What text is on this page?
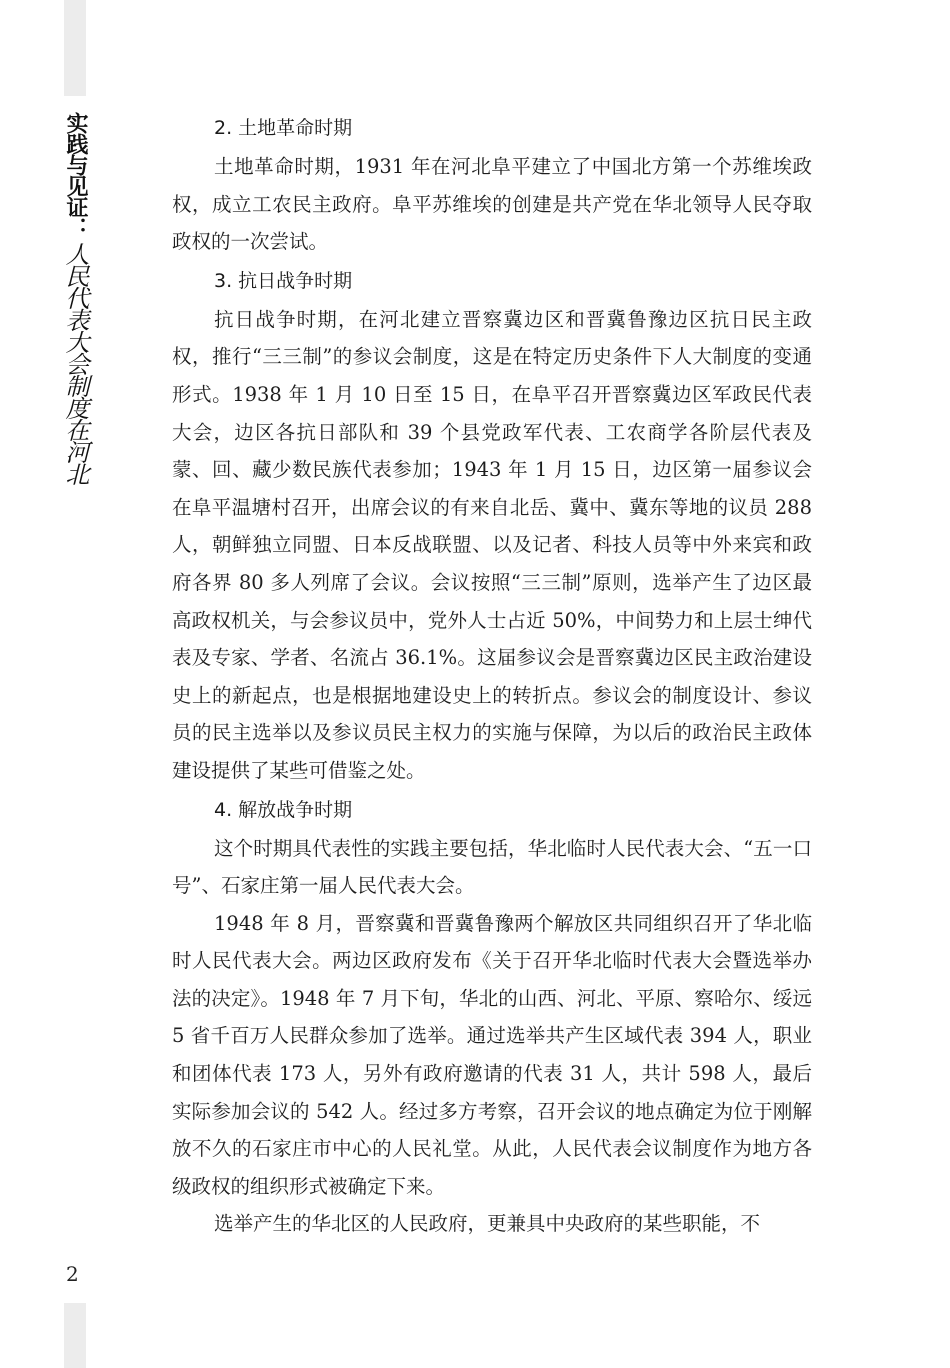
实践与见证：
人民代表大会制度在河北
2. 土地革命时期

土地革命时期，1931 年在河北阜平建立了中国北方第一个苏维埃政权，成立工农民主政府。阜平苏维埃的创建是共产党在华北领导人民夺取政权的一次尝试。

3. 抗日战争时期

抗日战争时期，在河北建立晋察冀边区和晋冀鲁豫边区抗日民主政权，推行“三三制”的参议会制度，这是在特定历史条件下人大制度的变通形式。1938 年 1 月 10 日至 15 日，在阜平召开晋察冀边区军政民代表大会，边区各抗日部队和 39 个县党政军代表、工农商学各阶层代表及蒙、回、藏少数民族代表参加；1943 年 1 月 15 日，边区第一届参议会在阜平温塘村召开，出席会议的有来自北岳、冀中、冀东等地的议员 288 人，朝鲜独立同盟、日本反战联盟、以及记者、科技人员等中外来宾和政府各界 80 多人列席了会议。会议按照“三三制”原则，选举产生了边区最高政权机关，与会参议员中，党外人士占近 50%，中间势力和上层士绅代表及专家、学者、名流占 36.1%。这届参议会是晋察冀边区民主政治建设史上的新起点，也是根据地建设史上的转折点。参议会的制度设计、参议员的民主选举以及参议员民主权力的实施与保障，为以后的政治民主政体建设提供了某些可借鉴之处。

4. 解放战争时期

这个时期具代表性的实践主要包括，华北临时人民代表大会、“五一口号”、石家庄第一届人民代表大会。

1948 年 8 月，晋察冀和晋冀鲁豫两个解放区共同组织召开了华北临时人民代表大会。两边区政府发布《关于召开华北临时代表大会暨选举办法的决定》。1948 年 7 月下旬，华北的山西、河北、平原、察哈尔、绥远 5 省千百万人民群众参加了选举。通过选举共产生区域代表 394 人，职业和团体代表 173 人，另外有政府邀请的代表 31 人，共计 598 人，最后实际参加会议的 542 人。经过多方考察，召开会议的地点确定为位于刚解放不久的石家庄市中心的人民礼堂。从此，人民代表会议制度作为地方各级政权的组织形式被确定下来。

选举产生的华北区的人民政府，更兼具中央政府的某些职能，不

2
